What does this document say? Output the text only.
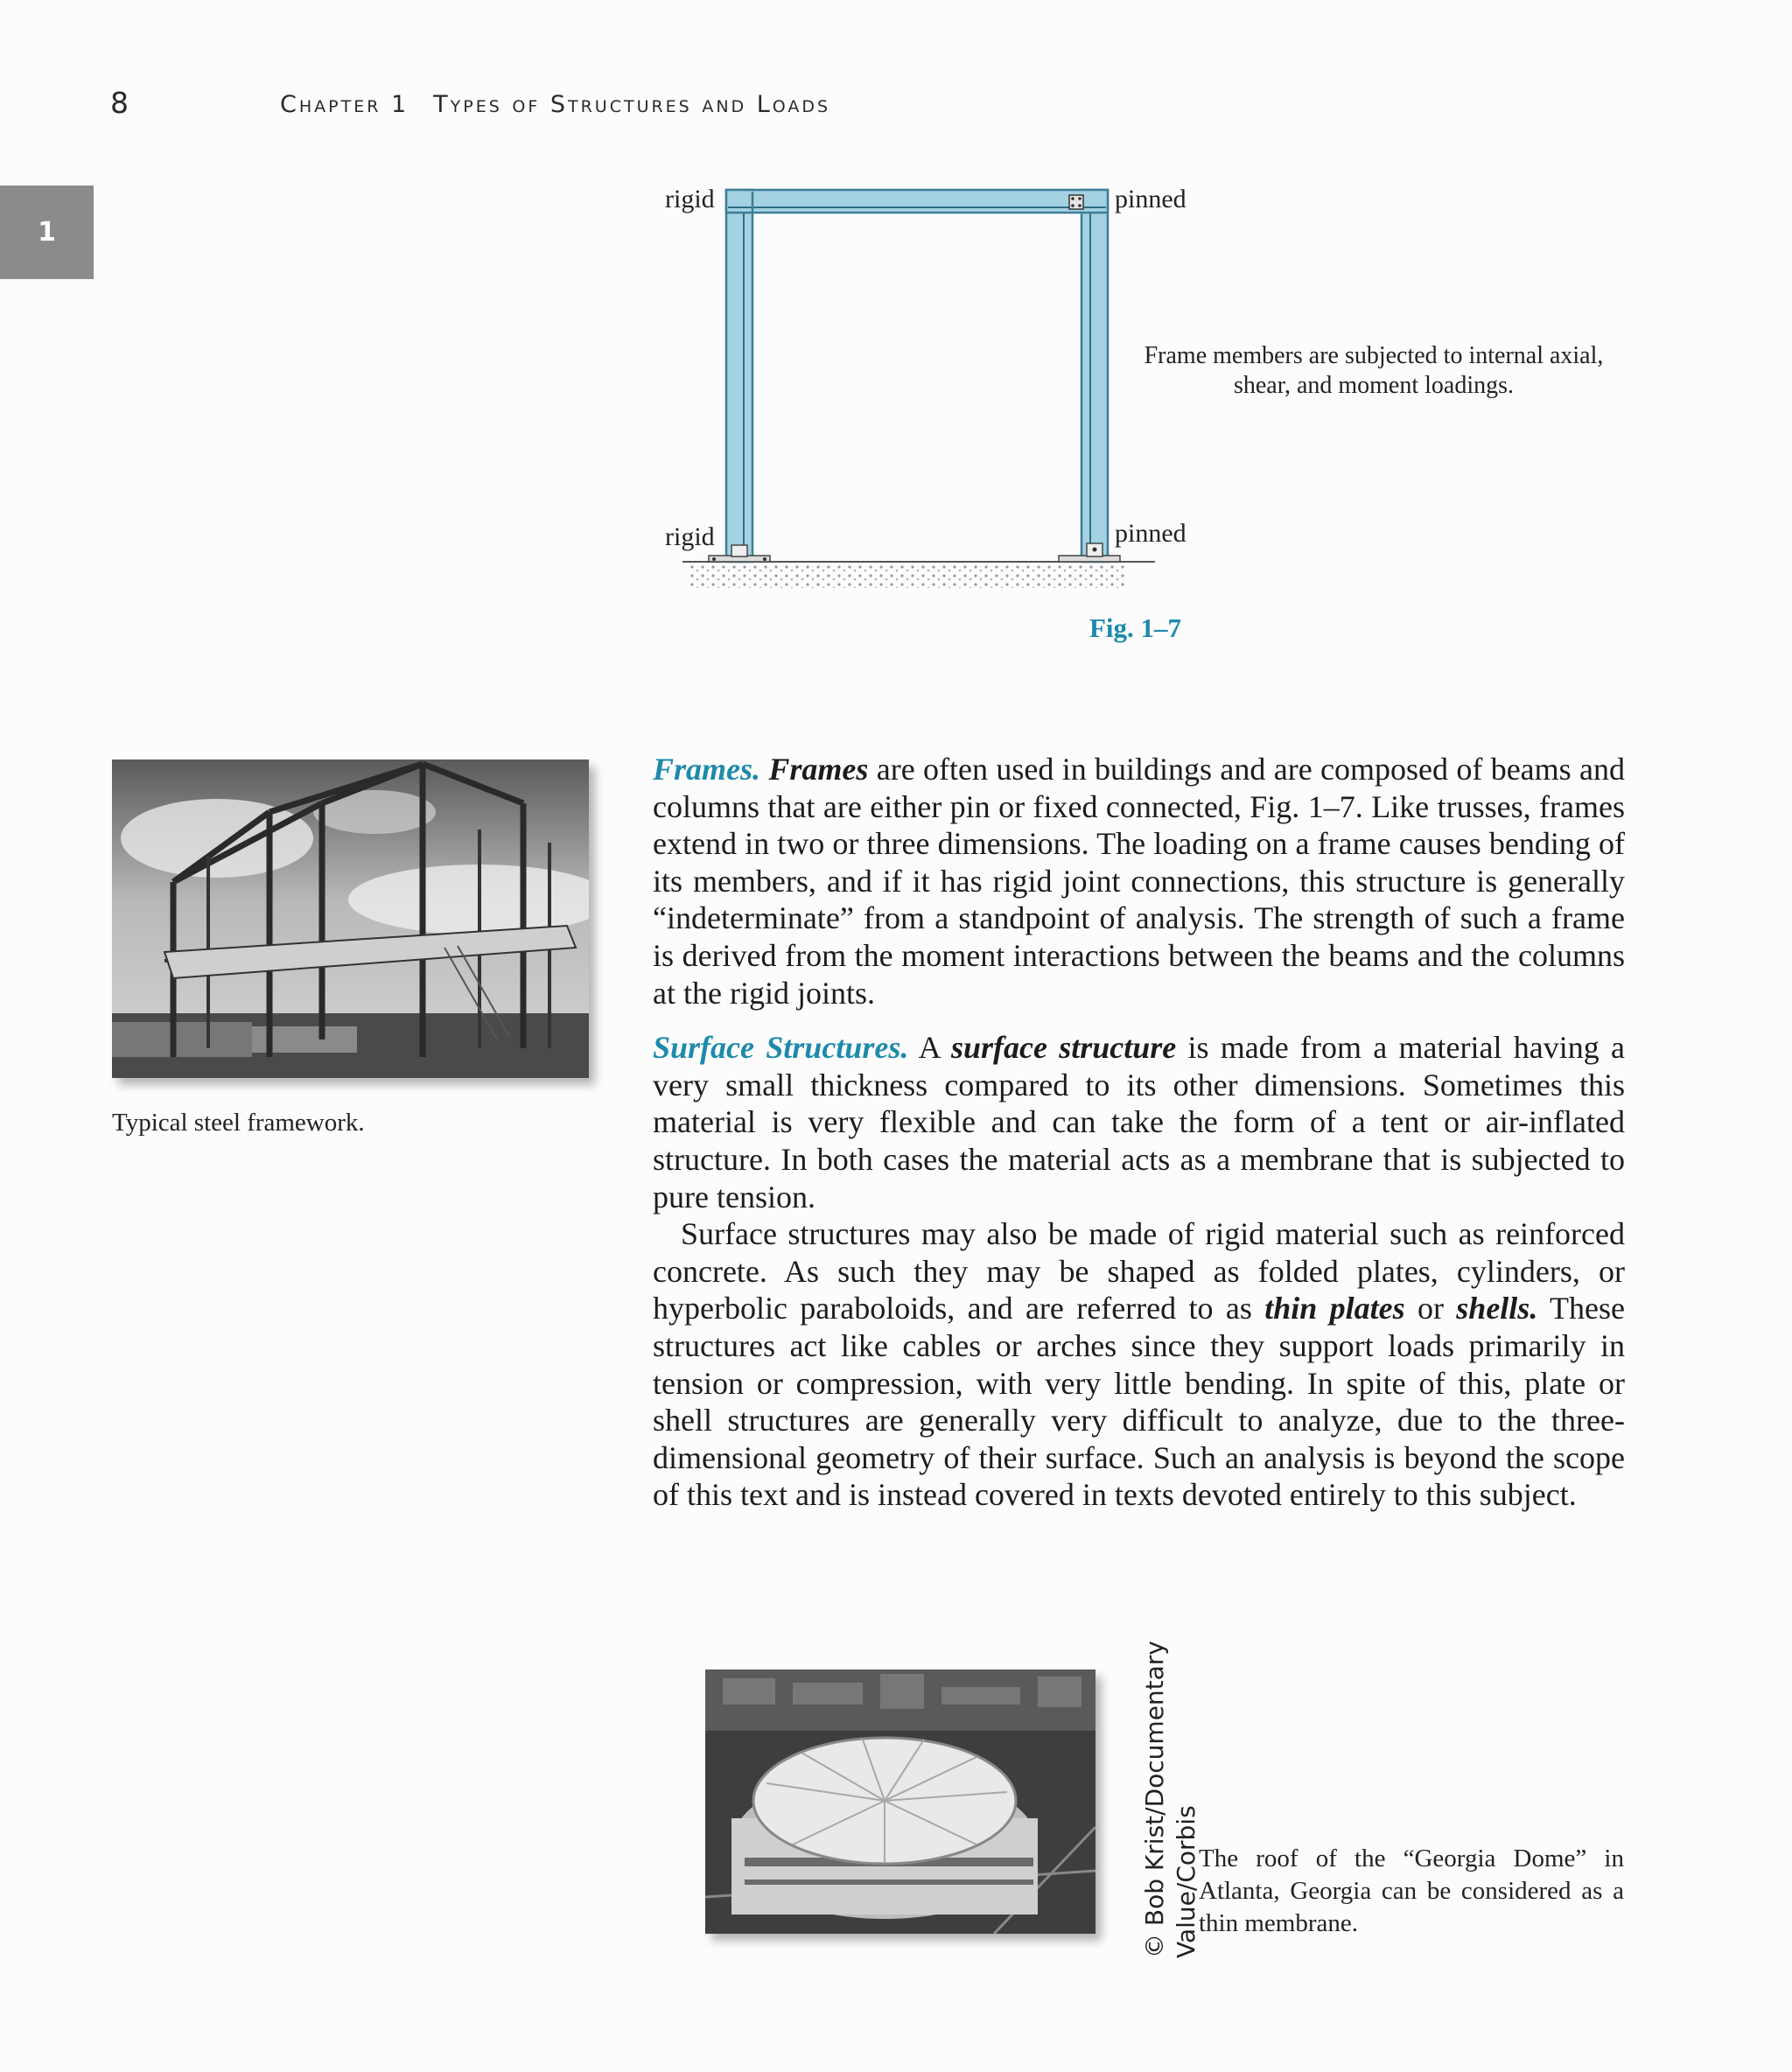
8	Chapter 1 Types of Structures and Loads
1
rigid	pinned
rigid	pinned
Frame members are subjected to internal axial, shear, and moment loadings.
Fig. 1–7
Typical steel framework.

Frames. Frames are often used in buildings and are composed of beams and columns that are either pin or fixed connected, Fig. 1–7. Like trusses, frames extend in two or three dimensions. The loading on a frame causes bending of its members, and if it has rigid joint connections, this structure is generally “indeterminate” from a standpoint of analysis. The strength of such a frame is derived from the moment interactions between the beams and the columns at the rigid joints.

Surface Structures. A surface structure is made from a material having a very small thickness compared to its other dimensions. Sometimes this material is very flexible and can take the form of a tent or air-inflated structure. In both cases the material acts as a membrane that is subjected to pure tension.

Surface structures may also be made of rigid material such as reinforced concrete. As such they may be shaped as folded plates, cylinders, or hyperbolic paraboloids, and are referred to as thin plates or shells. These structures act like cables or arches since they support loads primarily in tension or compression, with very little bending. In spite of this, plate or shell structures are generally very difficult to analyze, due to the three-dimensional geometry of their surface. Such an analysis is beyond the scope of this text and is instead covered in texts devoted entirely to this subject.

© Bob Krist/Documentary Value/Corbis
The roof of the “Georgia Dome” in Atlanta, Georgia can be considered as a thin membrane.
